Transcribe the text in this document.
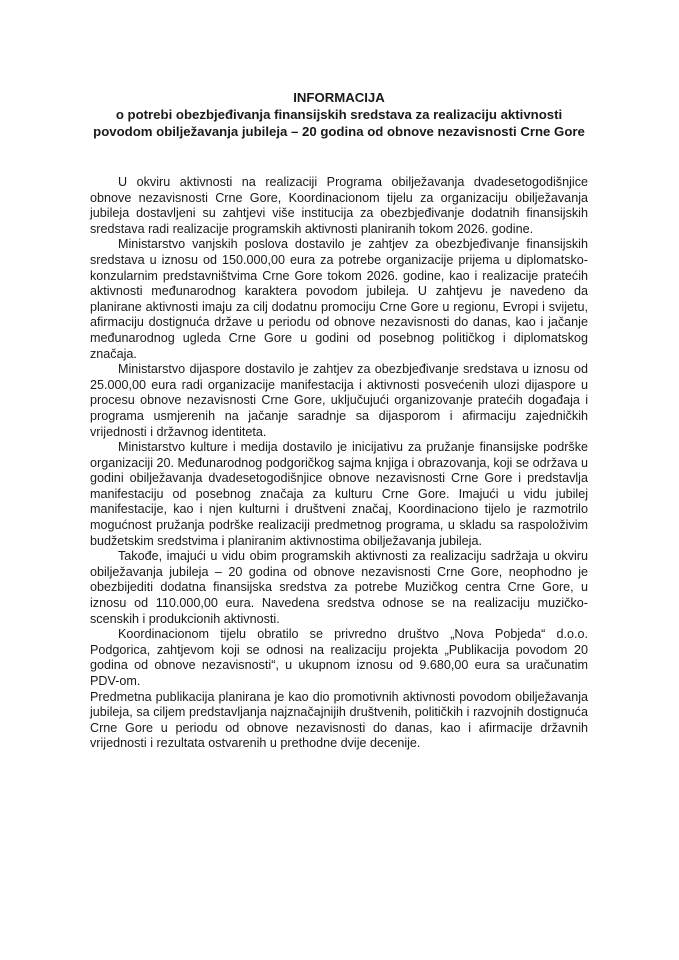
INFORMACIJA
o potrebi obezbjeđivanja finansijskih sredstava za realizaciju aktivnosti povodom obilježavanja jubileja – 20 godina od obnove nezavisnosti Crne Gore

U okviru aktivnosti na realizaciji Programa obilježavanja dvadesetogodišnjice obnove nezavisnosti Crne Gore, Koordinacionom tijelu za organizaciju obilježavanja jubileja dostavljeni su zahtjevi više institucija za obezbjeđivanje dodatnih finansijskih sredstava radi realizacije programskih aktivnosti planiranih tokom 2026. godine.

Ministarstvo vanjskih poslova dostavilo je zahtjev za obezbjeđivanje finansijskih sredstava u iznosu od 150.000,00 eura za potrebe organizacije prijema u diplomatsko-konzularnim predstavništvima Crne Gore tokom 2026. godine, kao i realizacije pratećih aktivnosti međunarodnog karaktera povodom jubileja. U zahtjevu je navedeno da planirane aktivnosti imaju za cilj dodatnu promociju Crne Gore u regionu, Evropi i svijetu, afirmaciju dostignuća države u periodu od obnove nezavisnosti do danas, kao i jačanje međunarodnog ugleda Crne Gore u godini od posebnog političkog i diplomatskog značaja.

Ministarstvo dijaspore dostavilo je zahtjev za obezbjeđivanje sredstava u iznosu od 25.000,00 eura radi organizacije manifestacija i aktivnosti posvećenih ulozi dijaspore u procesu obnove nezavisnosti Crne Gore, uključujući organizovanje pratećih događaja i programa usmjerenih na jačanje saradnje sa dijasporom i afirmaciju zajedničkih vrijednosti i državnog identiteta.

Ministarstvo kulture i medija dostavilo je inicijativu za pružanje finansijske podrške organizaciji 20. Međunarodnog podgoričkog sajma knjiga i obrazovanja, koji se održava u godini obilježavanja dvadesetogodišnjice obnove nezavisnosti Crne Gore i predstavlja manifestaciju od posebnog značaja za kulturu Crne Gore. Imajući u vidu jubilej manifestacije, kao i njen kulturni i društveni značaj, Koordinaciono tijelo je razmotrilo mogućnost pružanja podrške realizaciji predmetnog programa, u skladu sa raspoloživim budžetskim sredstvima i planiranim aktivnostima obilježavanja jubileja.

Takođe, imajući u vidu obim programskih aktivnosti za realizaciju sadržaja u okviru obilježavanja jubileja – 20 godina od obnove nezavisnosti Crne Gore, neophodno je obezbijediti dodatna finansijska sredstva za potrebe Muzičkog centra Crne Gore, u iznosu od 110.000,00 eura. Navedena sredstva odnose se na realizaciju muzičko-scenskih i produkcionih aktivnosti.

Koordinacionom tijelu obratilo se privredno društvo „Nova Pobjeda“ d.o.o. Podgorica, zahtjevom koji se odnosi na realizaciju projekta „Publikacija povodom 20 godina od obnove nezavisnosti“, u ukupnom iznosu od 9.680,00 eura sa uračunatim PDV-om.

Predmetna publikacija planirana je kao dio promotivnih aktivnosti povodom obilježavanja jubileja, sa ciljem predstavljanja najznačajnijih društvenih, političkih i razvojnih dostignuća Crne Gore u periodu od obnove nezavisnosti do danas, kao i afirmacije državnih vrijednosti i rezultata ostvarenih u prethodne dvije decenije.
